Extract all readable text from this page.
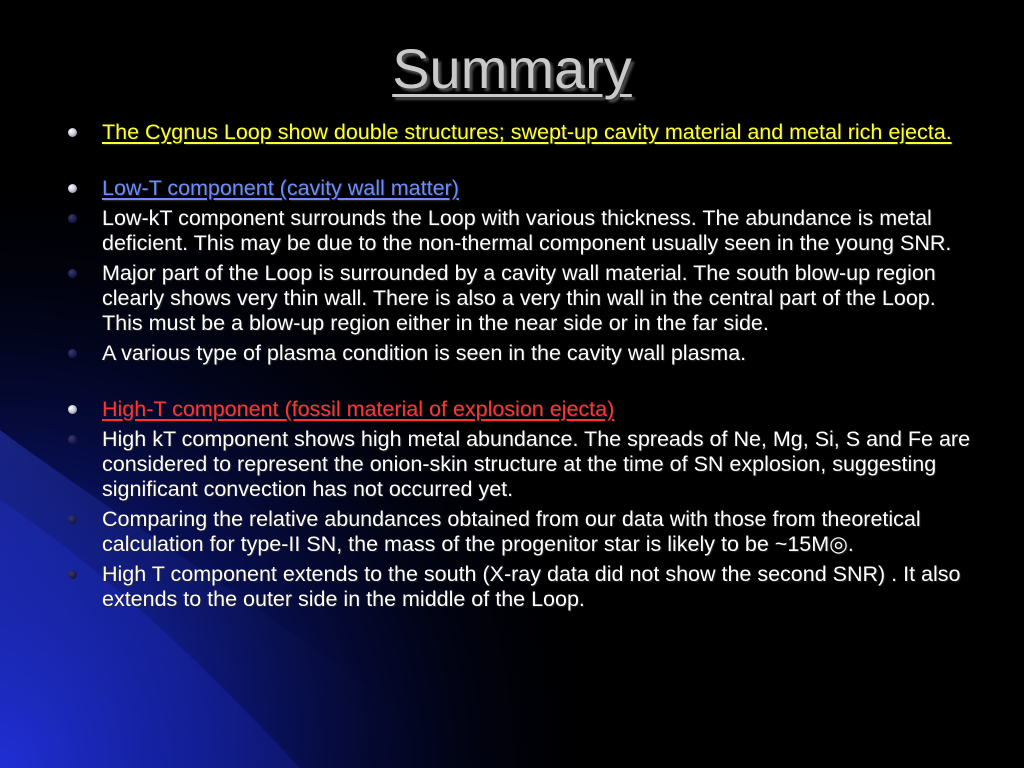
Summary
The Cygnus Loop show double structures; swept-up cavity material and metal rich ejecta.
Low-T component (cavity wall matter)
Low-kT component surrounds the Loop with various thickness. The abundance is metal deficient. This may be due to the non-thermal component usually seen in the young SNR.
Major part of the Loop is surrounded by a cavity wall material. The south blow-up region clearly shows very thin wall. There is also a very thin wall in the central part of the Loop. This must be a blow-up region either in the near side or in the far side.
A various type of plasma condition is seen in the cavity wall plasma.
High-T component (fossil material of explosion ejecta)
High kT component shows high metal abundance. The spreads of Ne, Mg, Si, S and Fe are considered to represent the onion-skin structure at the time of SN explosion, suggesting significant convection has not occurred yet.
Comparing the relative abundances obtained from our data with those from theoretical calculation for type-II SN, the mass of the progenitor star is likely to be ~15M◎.
High T component extends to the south (X-ray data did not show the second SNR) . It also extends to the outer side in the middle of the Loop.
